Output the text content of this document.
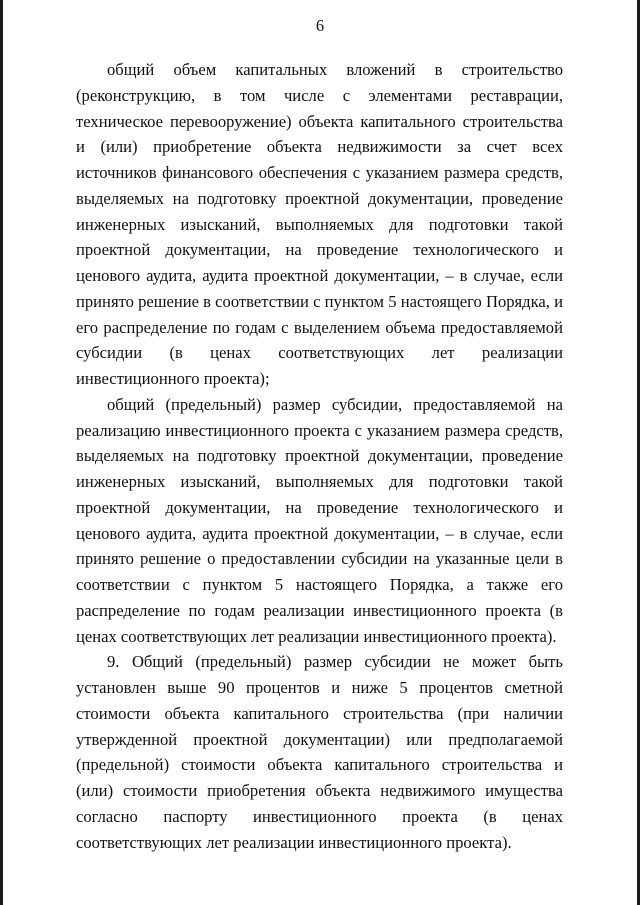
6

общий объем капитальных вложений в строительство (реконструкцию, в том числе с элементами реставрации, техническое перевооружение) объекта капитального строительства и (или) приобретение объекта недвижимости за счет всех источников финансового обеспечения с указанием размера средств, выделяемых на подготовку проектной документации, проведение инженерных изысканий, выполняемых для подготовки такой проектной документации, на проведение технологического и ценового аудита, аудита проектной документации, – в случае, если принято решение в соответствии с пунктом 5 настоящего Порядка, и его распределение по годам с выделением объема предоставляемой субсидии (в ценах соответствующих лет реализации инвестиционного проекта);

общий (предельный) размер субсидии, предоставляемой на реализацию инвестиционного проекта с указанием размера средств, выделяемых на подготовку проектной документации, проведение инженерных изысканий, выполняемых для подготовки такой проектной документации, на проведение технологического и ценового аудита, аудита проектной документации, – в случае, если принято решение о предоставлении субсидии на указанные цели в соответствии с пунктом 5 настоящего Порядка, а также его распределение по годам реализации инвестиционного проекта (в ценах соответствующих лет реализации инвестиционного проекта).

9. Общий (предельный) размер субсидии не может быть установлен выше 90 процентов и ниже 5 процентов сметной стоимости объекта капитального строительства (при наличии утвержденной проектной документации) или предполагаемой (предельной) стоимости объекта капитального строительства и (или) стоимости приобретения объекта недвижимого имущества согласно паспорту инвестиционного проекта (в ценах соответствующих лет реализации инвестиционного проекта).
